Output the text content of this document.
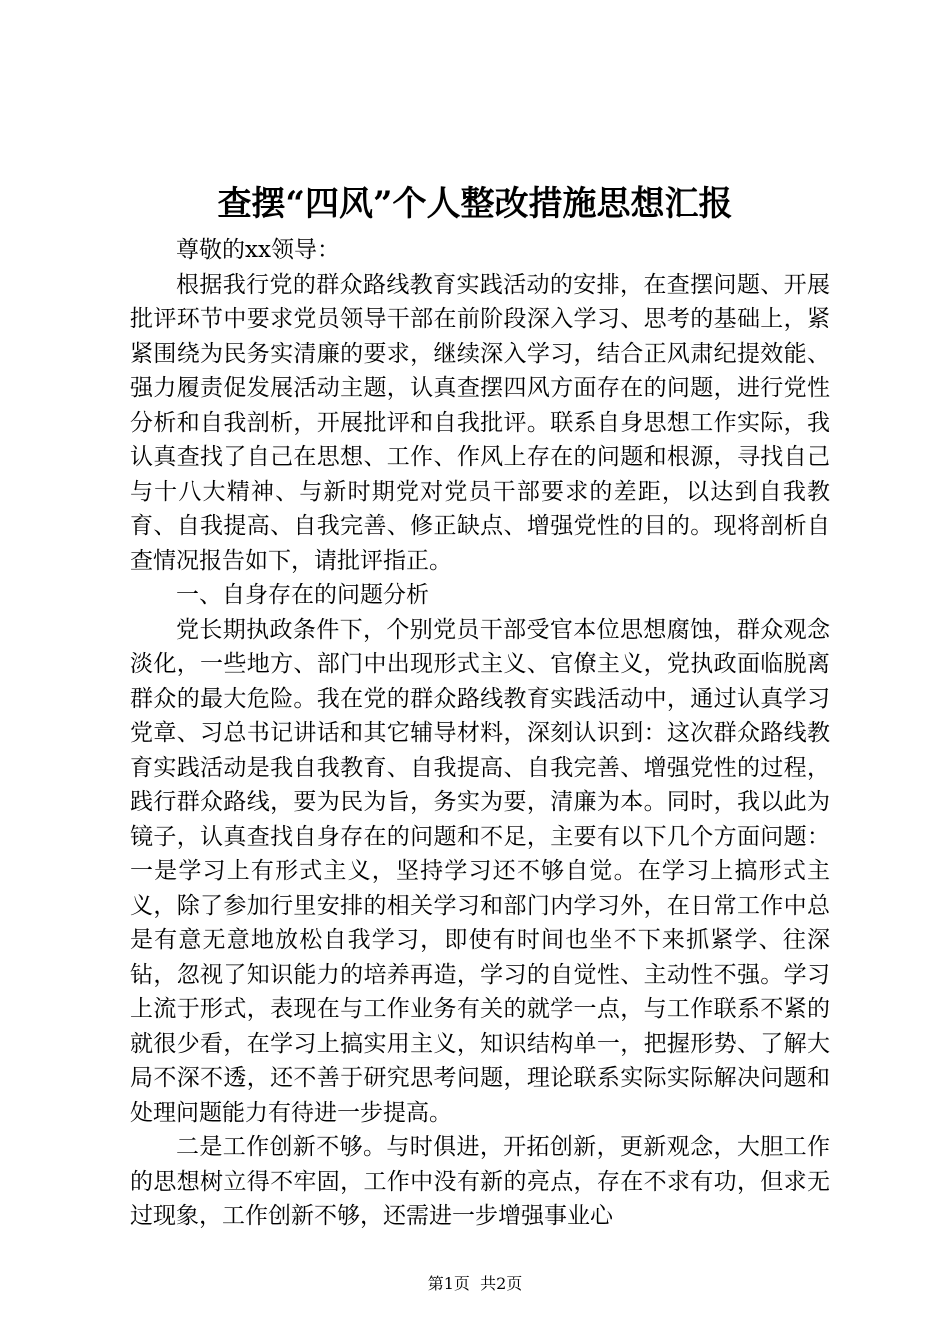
查摆“四风”个人整改措施思想汇报

尊敬的xx领导：

根据我行党的群众路线教育实践活动的安排，在查摆问题、开展批评环节中要求党员领导干部在前阶段深入学习、思考的基础上，紧紧围绕为民务实清廉的要求，继续深入学习，结合正风肃纪提效能、强力履责促发展活动主题，认真查摆四风方面存在的问题，进行党性分析和自我剖析，开展批评和自我批评。联系自身思想工作实际，我认真查找了自己在思想、工作、作风上存在的问题和根源，寻找自己与十八大精神、与新时期党对党员干部要求的差距，以达到自我教育、自我提高、自我完善、修正缺点、增强党性的目的。现将剖析自查情况报告如下，请批评指正。

一、自身存在的问题分析

党长期执政条件下，个别党员干部受官本位思想腐蚀，群众观念淡化，一些地方、部门中出现形式主义、官僚主义，党执政面临脱离群众的最大危险。我在党的群众路线教育实践活动中，通过认真学习党章、习总书记讲话和其它辅导材料，深刻认识到：这次群众路线教育实践活动是我自我教育、自我提高、自我完善、增强党性的过程，践行群众路线，要为民为旨，务实为要，清廉为本。同时，我以此为镜子，认真查找自身存在的问题和不足，主要有以下几个方面问题：一是学习上有形式主义，坚持学习还不够自觉。在学习上搞形式主义，除了参加行里安排的相关学习和部门内学习外，在日常工作中总是有意无意地放松自我学习，即使有时间也坐不下来抓紧学、往深钻，忽视了知识能力的培养再造，学习的自觉性、主动性不强。学习上流于形式，表现在与工作业务有关的就学一点，与工作联系不紧的就很少看，在学习上搞实用主义，知识结构单一，把握形势、了解大局不深不透，还不善于研究思考问题，理论联系实际实际解决问题和处理问题能力有待进一步提高。

二是工作创新不够。与时俱进，开拓创新，更新观念，大胆工作的思想树立得不牢固，工作中没有新的亮点，存在不求有功，但求无过现象，工作创新不够，还需进一步增强事业心

第1页  共2页
